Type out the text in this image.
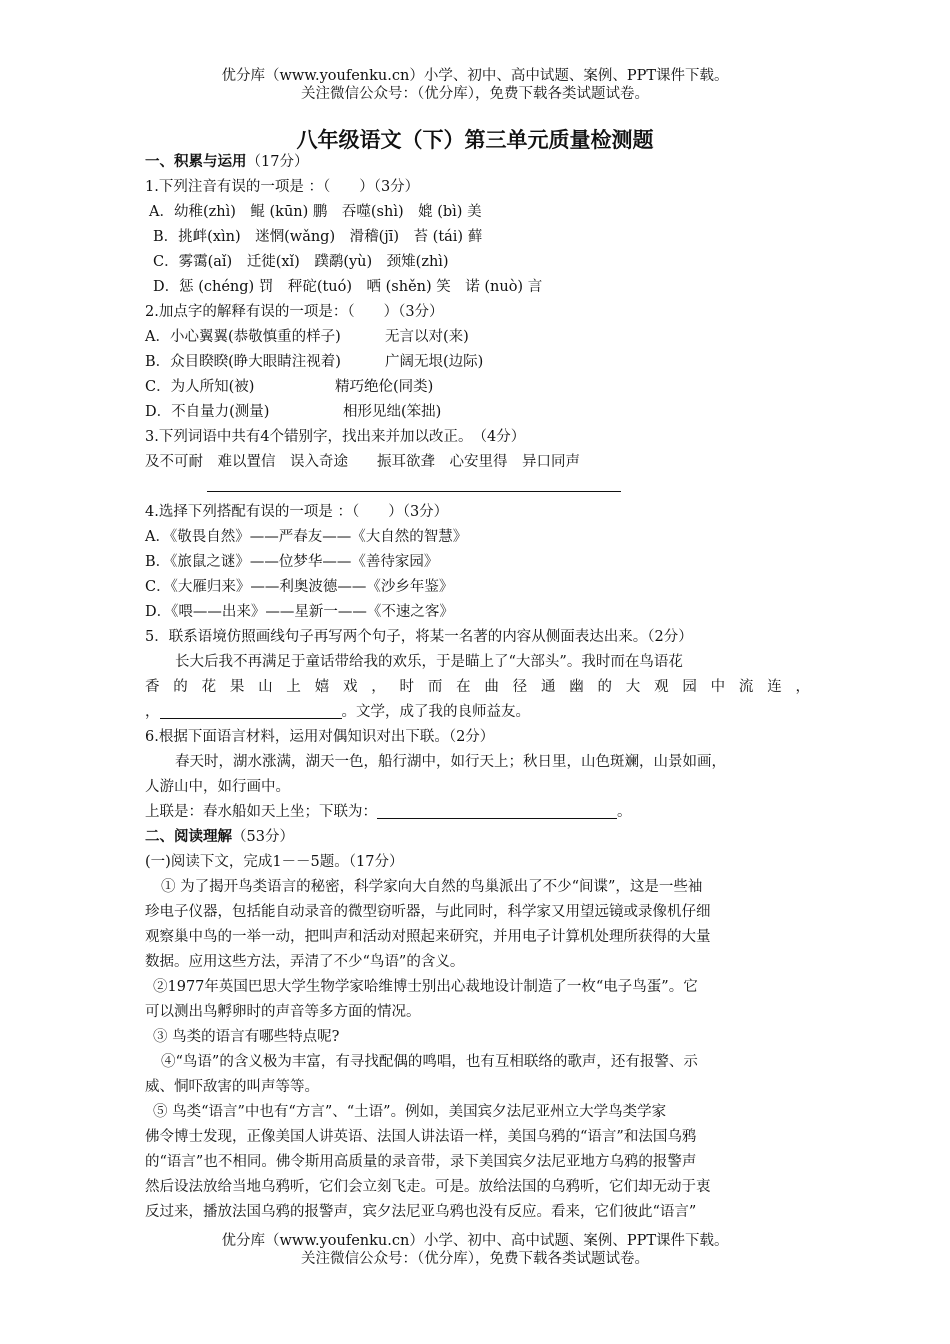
优分库（www.youfenku.cn）小学、初中、高中试题、案例、PPT课件下载。
关注微信公众号：（优分库），免费下载各类试题试卷。
八年级语文（下）第三单元质量检测题
一、积累与运用（17分）
1.下列注音有误的一项是 ：（　　）（3分）
A．幼稚(zhì)　鲲 (kūn) 鹏　吞噬(shì)　媲 (bì) 美
B．挑衅(xìn)　迷惘(wǎng)　滑稽(jī)　苔 (tái) 藓
C．雾霭(aǐ)　迁徙(xǐ)　蹼鹬(yù)　颈雉(zhì)
D．惩 (chéng) 罚　秤砣(tuó)　哂 (shěn) 笑　诺 (nuò) 言
2.加点字的解释有误的一项是：（　　）（3分）
A．小心翼翼(恭敬慎重的样子)	无言以对(来)
B．众目睽睽(睁大眼睛注视着)	广阔无垠(边际)
C．为人所知(被)	精巧绝伦(同类)
D．不自量力(测量)	相形见绌(笨拙)
3.下列词语中共有4个错别字，找出来并加以改正。　（4分）
及不可耐　难以置信　误入奇途　　振耳欲聋　心安里得　异口同声
4.选择下列搭配有误的一项是 ：（　　）（3分）
A．《敬畏自然》——严春友——《大自然的智慧》
B．《旅鼠之谜》——位梦华——《善待家园》
C．《大雁归来》——利奥波德——《沙乡年鉴》
D．《喂——出来》——星新一——《不速之客》
5．联系语境仿照画线句子再写两个句子，将某一名著的内容从侧面表达出来。（2分）
长大后我不再满足于童话带给我的欢乐，于是瞄上了“大部头”。我时而在鸟语花
香的花果山上嬉戏，时而在曲径通幽的大观园中流连，
，	。文学，成了我的良师益友。
6.根据下面语言材料，运用对偶知识对出下联。（2分）
春天时，湖水涨满，湖天一色，船行湖中，如行天上；秋日里，山色斑斓，山景如画，
人游山中，如行画中。
上联是：春水船如天上坐；下联为：	。
二、阅读理解（53分）
(一)阅读下文，完成1－－5题。（17分）
① 为了揭开鸟类语言的秘密，科学家向大自然的鸟巢派出了不少“间谍”，这是一些袖
珍电子仪器，包括能自动录音的微型窃听器，与此同时，科学家又用望远镜或录像机仔细
观察巢中鸟的一举一动，把叫声和活动对照起来研究，并用电子计算机处理所获得的大量
数据。应用这些方法，弄清了不少“鸟语”的含义。
②1977年英国巴思大学生物学家哈维博士别出心裁地设计制造了一枚“电子鸟蛋”。它
可以测出鸟孵卵时的声音等多方面的情况。
③ 鸟类的语言有哪些特点呢?
④“鸟语”的含义极为丰富，有寻找配偶的鸣唱，也有互相联络的歌声，还有报警、示
威、恫吓敌害的叫声等等。
⑤ 鸟类“语言”中也有“方言”、“土语”。例如，美国宾夕法尼亚州立大学鸟类学家
佛令博士发现，正像美国人讲英语、法国人讲法语一样，美国乌鸦的“语言”和法国乌鸦
的“语言”也不相同。佛令斯用高质量的录音带，录下美国宾夕法尼亚地方乌鸦的报警声
然后设法放给当地乌鸦听，它们会立刻飞走。可是。放给法国的乌鸦听，它们却无动于衷
反过来，播放法国乌鸦的报警声，宾夕法尼亚乌鸦也没有反应。看来，它们彼此“语言”
优分库（www.youfenku.cn）小学、初中、高中试题、案例、PPT课件下载。
关注微信公众号：（优分库），免费下载各类试题试卷。
